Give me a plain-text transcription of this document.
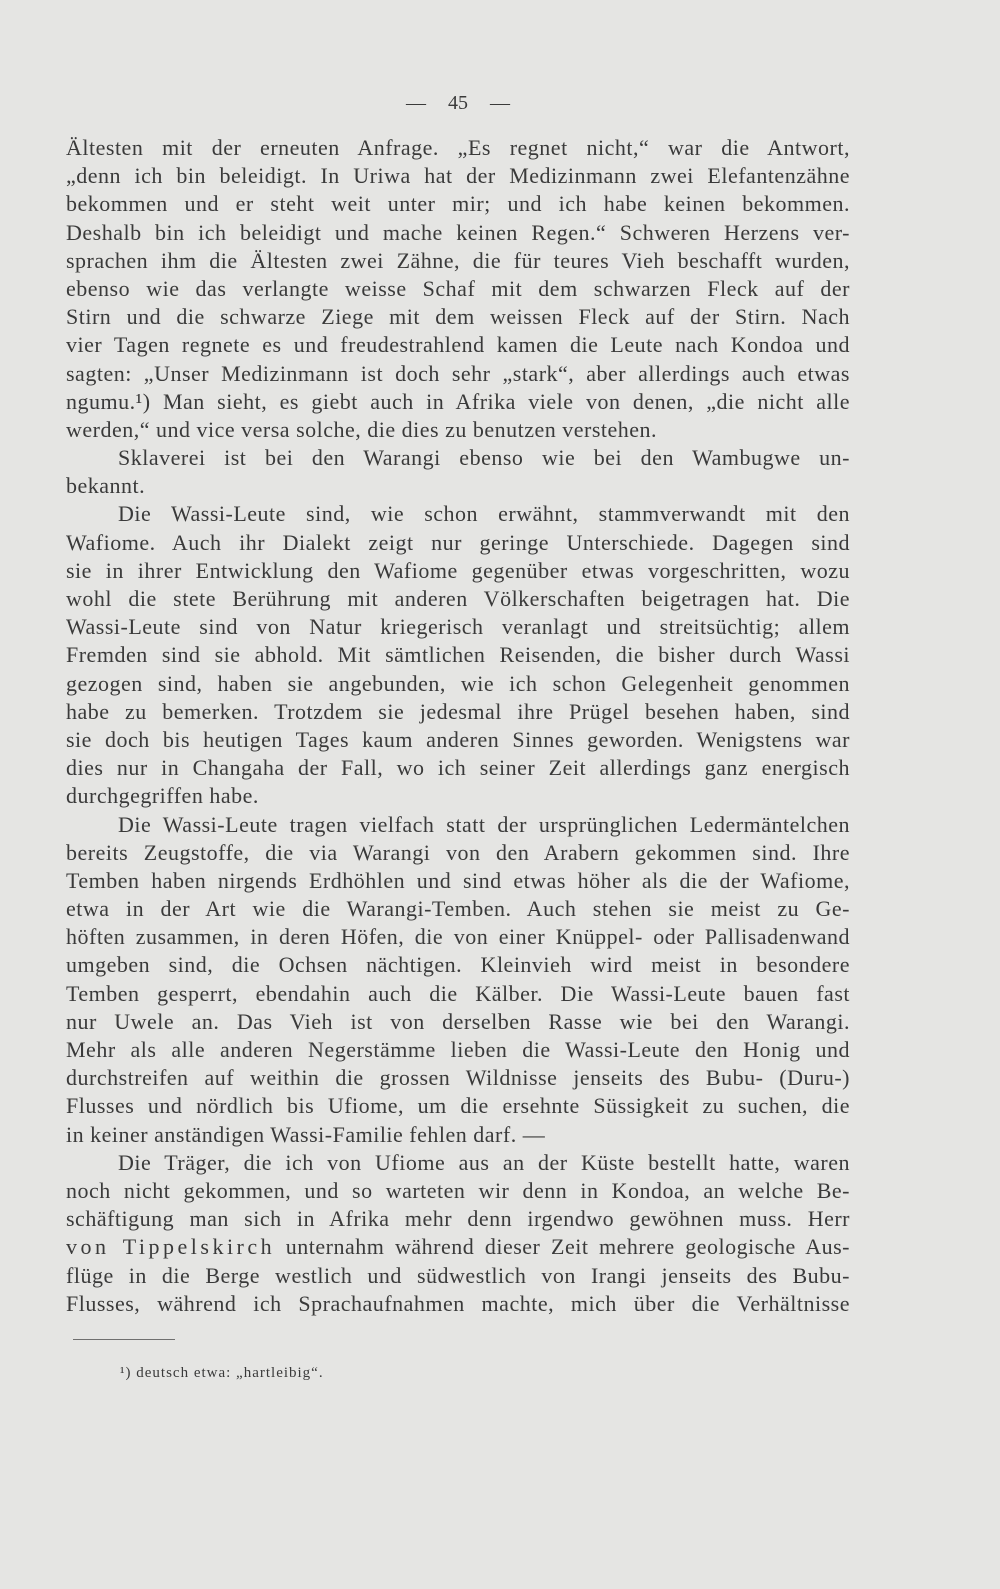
— 45 —
Ältesten mit der erneuten Anfrage. „Es regnet nicht,“ war die Antwort,
„denn ich bin beleidigt. In Uriwa hat der Medizinmann zwei Elefantenzähne
bekommen und er steht weit unter mir; und ich habe keinen bekommen.
Deshalb bin ich beleidigt und mache keinen Regen.“ Schweren Herzens ver-
sprachen ihm die Ältesten zwei Zähne, die für teures Vieh beschafft wurden,
ebenso wie das verlangte weisse Schaf mit dem schwarzen Fleck auf der
Stirn und die schwarze Ziege mit dem weissen Fleck auf der Stirn. Nach
vier Tagen regnete es und freudestrahlend kamen die Leute nach Kondoa und
sagten: „Unser Medizinmann ist doch sehr „stark“, aber allerdings auch etwas
ngumu.¹) Man sieht, es giebt auch in Afrika viele von denen, „die nicht alle
werden,“ und vice versa solche, die dies zu benutzen verstehen.
Sklaverei ist bei den Warangi ebenso wie bei den Wambugwe un-
bekannt.
Die Wassi-Leute sind, wie schon erwähnt, stammverwandt mit den
Wafiome. Auch ihr Dialekt zeigt nur geringe Unterschiede. Dagegen sind
sie in ihrer Entwicklung den Wafiome gegenüber etwas vorgeschritten, wozu
wohl die stete Berührung mit anderen Völkerschaften beigetragen hat. Die
Wassi-Leute sind von Natur kriegerisch veranlagt und streitsüchtig; allem
Fremden sind sie abhold. Mit sämtlichen Reisenden, die bisher durch Wassi
gezogen sind, haben sie angebunden, wie ich schon Gelegenheit genommen
habe zu bemerken. Trotzdem sie jedesmal ihre Prügel besehen haben, sind
sie doch bis heutigen Tages kaum anderen Sinnes geworden. Wenigstens war
dies nur in Changaha der Fall, wo ich seiner Zeit allerdings ganz energisch
durchgegriffen habe.
Die Wassi-Leute tragen vielfach statt der ursprünglichen Ledermäntelchen
bereits Zeugstoffe, die via Warangi von den Arabern gekommen sind. Ihre
Temben haben nirgends Erdhöhlen und sind etwas höher als die der Wafiome,
etwa in der Art wie die Warangi-Temben. Auch stehen sie meist zu Ge-
höften zusammen, in deren Höfen, die von einer Knüppel- oder Pallisadenwand
umgeben sind, die Ochsen nächtigen. Kleinvieh wird meist in besondere
Temben gesperrt, ebendahin auch die Kälber. Die Wassi-Leute bauen fast
nur Uwele an. Das Vieh ist von derselben Rasse wie bei den Warangi.
Mehr als alle anderen Negerstämme lieben die Wassi-Leute den Honig und
durchstreifen auf weithin die grossen Wildnisse jenseits des Bubu- (Duru-)
Flusses und nördlich bis Ufiome, um die ersehnte Süssigkeit zu suchen, die
in keiner anständigen Wassi-Familie fehlen darf. —
Die Träger, die ich von Ufiome aus an der Küste bestellt hatte, waren
noch nicht gekommen, und so warteten wir denn in Kondoa, an welche Be-
schäftigung man sich in Afrika mehr denn irgendwo gewöhnen muss. Herr
von Tippelskirch unternahm während dieser Zeit mehrere geologische Aus-
flüge in die Berge westlich und südwestlich von Irangi jenseits des Bubu-
Flusses, während ich Sprachaufnahmen machte, mich über die Verhältnisse
¹) deutsch etwa: „hartleibig“.
